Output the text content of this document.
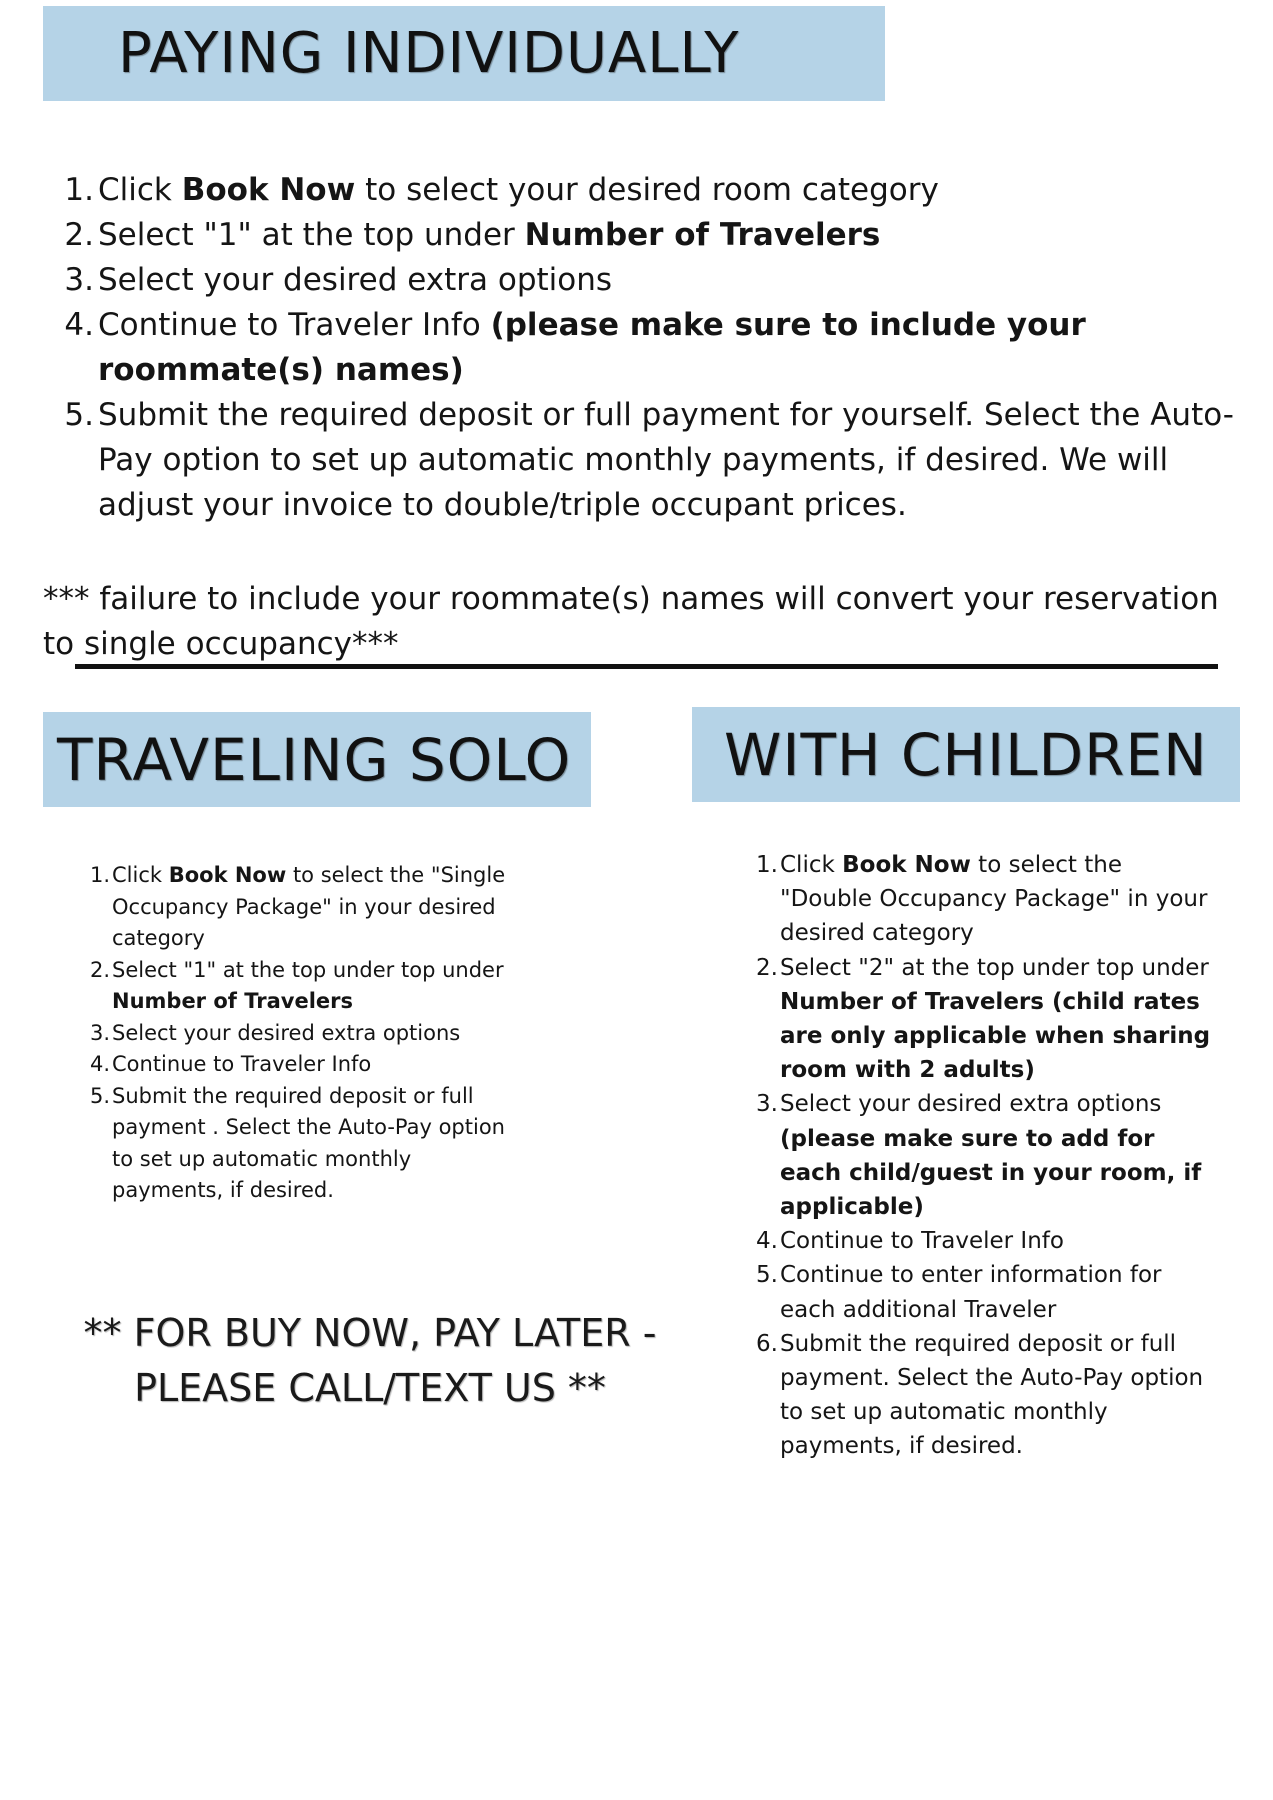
PAYING INDIVIDUALLY
1. Click Book Now to select your desired room category
2. Select "1" at the top under Number of Travelers
3. Select your desired extra options
4. Continue to Traveler Info (please make sure to include your roommate(s) names)
5. Submit the required deposit or full payment for yourself. Select the Auto-Pay option to set up automatic monthly payments, if desired. We will adjust your invoice to double/triple occupant prices.

*** failure to include your roommate(s) names will convert your reservation to single occupancy***

TRAVELING SOLO	WITH CHILDREN
1. Click Book Now to select the "Single Occupancy Package" in your desired category
2. Select "1" at the top under top under Number of Travelers
3. Select your desired extra options
4. Continue to Traveler Info
5. Submit the required deposit or full payment . Select the Auto-Pay option to set up automatic monthly payments, if desired.

** FOR BUY NOW, PAY LATER - PLEASE CALL/TEXT US **

1. Click Book Now to select the "Double Occupancy Package" in your desired category
2. Select "2" at the top under top under Number of Travelers (child rates are only applicable when sharing room with 2 adults)
3. Select your desired extra options (please make sure to add for each child/guest in your room, if applicable)
4. Continue to Traveler Info
5. Continue to enter information for each additional Traveler
6. Submit the required deposit or full payment. Select the Auto-Pay option to set up automatic monthly payments, if desired.
